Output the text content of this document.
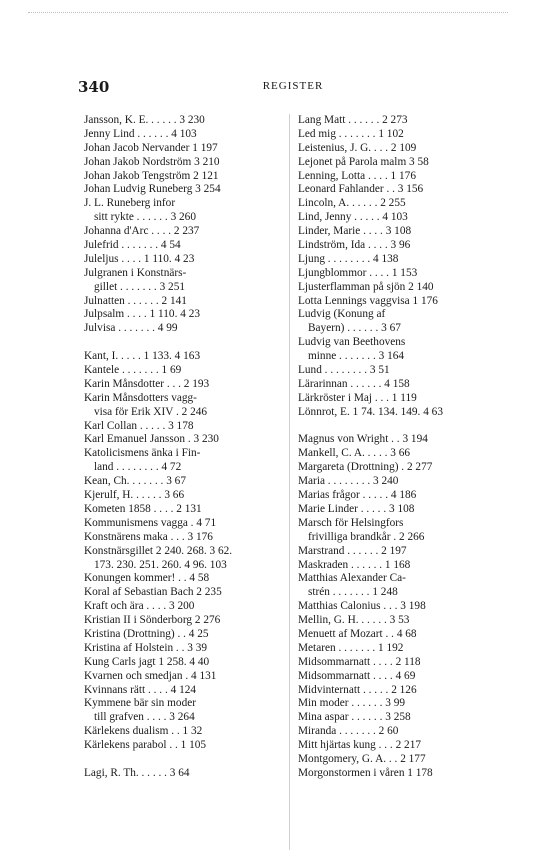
340	REGISTER
Jansson, K. E. . . . . . 3 230
Jenny Lind . . . . . . 4 103
Johan Jacob Nervander 1 197
Johan Jakob Nordström 3 210
Johan Jakob Tengström 2 121
Johan Ludvig Runeberg 3 254
J. L. Runeberg infor
sitt rykte . . . . . . 3 260
Johanna d'Arc . . . . 2 237
Julefrid . . . . . . . 4 54
Juleljus . . . . 1 110. 4 23
Julgranen i Konstnärs-
gillet . . . . . . . 3 251
Julnatten . . . . . . 2 141
Julpsalm . . . . 1 110. 4 23
Julvisa . . . . . . . 4 99
Kant, I. . . . . 1 133. 4 163
Kantele . . . . . . . 1 69
Karin Månsdotter . . . 2 193
Karin Månsdotters vagg-
visa för Erik XIV . 2 246
Karl Collan . . . . . 3 178
Karl Emanuel Jansson . 3 230
Katolicismens änka i Fin-
land . . . . . . . . 4 72
Kean, Ch. . . . . . . 3 67
Kjerulf, H. . . . . . 3 66
Kometen 1858 . . . . 2 131
Kommunismens vagga . 4 71
Konstnärens maka . . . 3 176
Konstnärsgillet 2 240. 268. 3 62.
173. 230. 251. 260. 4 96. 103
Konungen kommer! . . 4 58
Koral af Sebastian Bach 2 235
Kraft och ära . . . . 3 200
Kristian II i Sönderborg 2 276
Kristina (Drottning) . . 4 25
Kristina af Holstein . . 3 39
Kung Carls jagt 1 258. 4 40
Kvarnen och smedjan . 4 131
Kvinnans rätt . . . . 4 124
Kymmene bär sin moder
till grafven . . . . 3 264
Kärlekens dualism . . 1 32
Kärlekens parabol . . 1 105
Lagi, R. Th. . . . . . 3 64
Lang Matt . . . . . . 2 273
Led mig . . . . . . . 1 102
Leistenius, J. G. . . . 2 109
Lejonet på Parola malm 3 58
Lenning, Lotta . . . . 1 176
Leonard Fahlander . . 3 156
Lincoln, A. . . . . . 2 255
Lind, Jenny . . . . . 4 103
Linder, Marie . . . . 3 108
Lindström, Ida . . . . 3 96
Ljung . . . . . . . . 4 138
Ljungblommor . . . . 1 153
Ljusterflamman på sjön 2 140
Lotta Lennings vaggvisa 1 176
Ludvig (Konung af
Bayern) . . . . . . 3 67
Ludvig van Beethovens
minne . . . . . . . 3 164
Lund . . . . . . . . 3 51
Lärarinnan . . . . . . 4 158
Lärkröster i Maj . . . 1 119
Lönnrot, E. 1 74. 134. 149. 4 63
Magnus von Wright . . 3 194
Mankell, C. A. . . . . 3 66
Margareta (Drottning) . 2 277
Maria . . . . . . . . 3 240
Marias frågor . . . . . 4 186
Marie Linder . . . . . 3 108
Marsch för Helsingfors
frivilliga brandkår . 2 266
Marstrand . . . . . . 2 197
Maskraden . . . . . . 1 168
Matthias Alexander Ca-
strén . . . . . . . 1 248
Matthias Calonius . . . 3 198
Mellin, G. H. . . . . . 3 53
Menuett af Mozart . . 4 68
Metaren . . . . . . . 1 192
Midsommarnatt . . . . 2 118
Midsommarnatt . . . . 4 69
Midvinternatt . . . . . 2 126
Min moder . . . . . . 3 99
Mina aspar . . . . . . 3 258
Miranda . . . . . . . 2 60
Mitt hjärtas kung . . . 2 217
Montgomery, G. A. . . 2 177
Morgonstormen i våren 1 178
